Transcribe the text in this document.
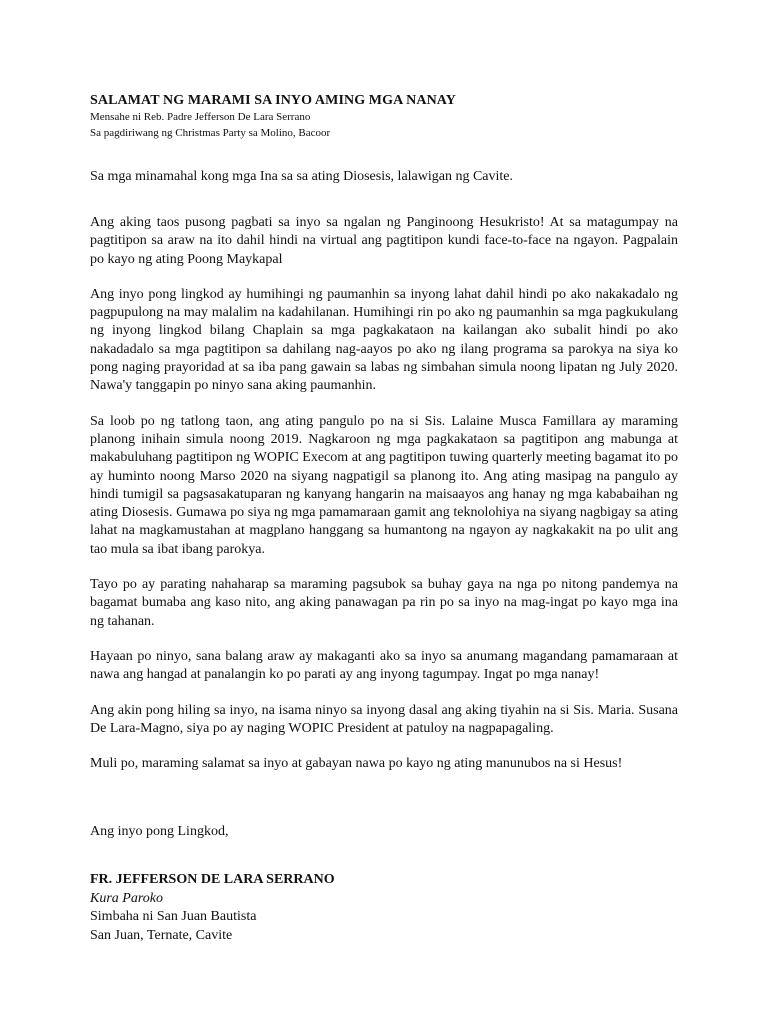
SALAMAT NG MARAMI SA INYO AMING MGA NANAY

Mensahe ni Reb. Padre Jefferson De Lara Serrano

Sa pagdiriwang ng Christmas Party sa Molino, Bacoor

Sa mga minamahal kong mga Ina sa sa ating Diosesis, lalawigan ng Cavite.

Ang aking taos pusong pagbati sa inyo sa ngalan ng Panginoong Hesukristo! At sa matagumpay na pagtitipon sa araw na ito dahil hindi na virtual ang pagtitipon kundi face-to-face na ngayon. Pagpalain po kayo ng ating Poong Maykapal

Ang inyo pong lingkod ay humihingi ng paumanhin sa inyong lahat dahil hindi po ako nakakadalo ng pagpupulong na may malalim na kadahilanan. Humihingi rin po ako ng paumanhin sa mga pagkukulang ng inyong lingkod bilang Chaplain sa mga pagkakataon na kailangan ako subalit hindi po ako nakadadalo sa mga pagtitipon sa dahilang nag-aayos po ako ng ilang programa sa parokya na siya ko pong naging prayoridad at sa iba pang gawain sa labas ng simbahan simula noong lipatan ng July 2020. Nawa'y tanggapin po ninyo sana aking paumanhin.

Sa loob po ng tatlong taon, ang ating pangulo po na si Sis. Lalaine Musca Famillara ay maraming planong inihain simula noong 2019. Nagkaroon ng mga pagkakataon sa pagtitipon ang mabunga at makabuluhang pagtitipon ng WOPIC Execom at ang pagtitipon tuwing quarterly meeting bagamat ito po ay huminto noong Marso 2020 na siyang nagpatigil sa planong ito. Ang ating masipag na pangulo ay hindi tumigil sa pagsasakatuparan ng kanyang hangarin na maisaayos ang hanay ng mga kababaihan ng ating Diosesis. Gumawa po siya ng mga pamamaraan gamit ang teknolohiya na siyang nagbigay sa ating lahat na magkamustahan at magplano hanggang sa humantong na ngayon ay nagkakakit na po ulit ang tao mula sa ibat ibang parokya.

Tayo po ay parating nahaharap sa maraming pagsubok sa buhay gaya na nga po nitong pandemya na bagamat bumaba ang kaso nito, ang aking panawagan pa rin po sa inyo na mag-ingat po kayo mga ina ng tahanan.

Hayaan po ninyo, sana balang araw ay makaganti ako sa inyo sa anumang magandang pamamaraan at nawa ang hangad at panalangin ko po parati ay ang inyong tagumpay. Ingat po mga nanay!

Ang akin pong hiling sa inyo, na isama ninyo sa inyong dasal ang aking tiyahin na si Sis. Maria. Susana De Lara-Magno, siya po ay naging WOPIC President at patuloy na nagpapagaling.

Muli po, maraming salamat sa inyo at gabayan nawa po kayo ng ating manunubos na si Hesus!

Ang inyo pong Lingkod,

FR. JEFFERSON DE LARA SERRANO

Kura Paroko

Simbaha ni San Juan Bautista

San Juan, Ternate, Cavite
